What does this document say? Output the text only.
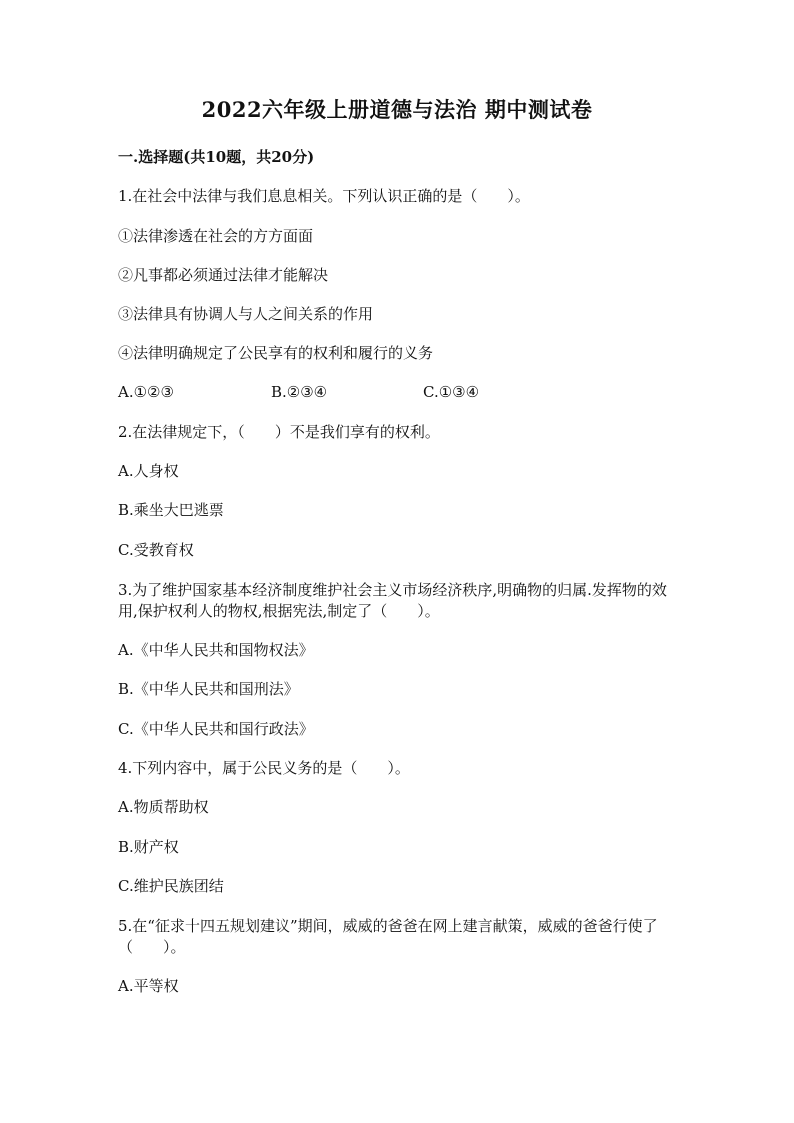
2022六年级上册道德与法治 期中测试卷
一.选择题(共10题，共20分)
1.在社会中法律与我们息息相关。下列认识正确的是（　　）。
①法律渗透在社会的方方面面
②凡事都必须通过法律才能解决
③法律具有协调人与人之间关系的作用
④法律明确规定了公民享有的权利和履行的义务
A.①②③	B.②③④	C.①③④
2.在法律规定下，（　　）不是我们享有的权利。
A.人身权
B.乘坐大巴逃票
C.受教育权
3.为了维护国家基本经济制度维护社会主义市场经济秩序,明确物的归属.发挥物的效用,保护权利人的物权,根据宪法,制定了（　　）。
A.《中华人民共和国物权法》
B.《中华人民共和国刑法》
C.《中华人民共和国行政法》
4.下列内容中，属于公民义务的是（　　）。
A.物质帮助权
B.财产权
C.维护民族团结
5.在“征求十四五规划建议”期间，威威的爸爸在网上建言献策，威威的爸爸行使了（　　）。
A.平等权
